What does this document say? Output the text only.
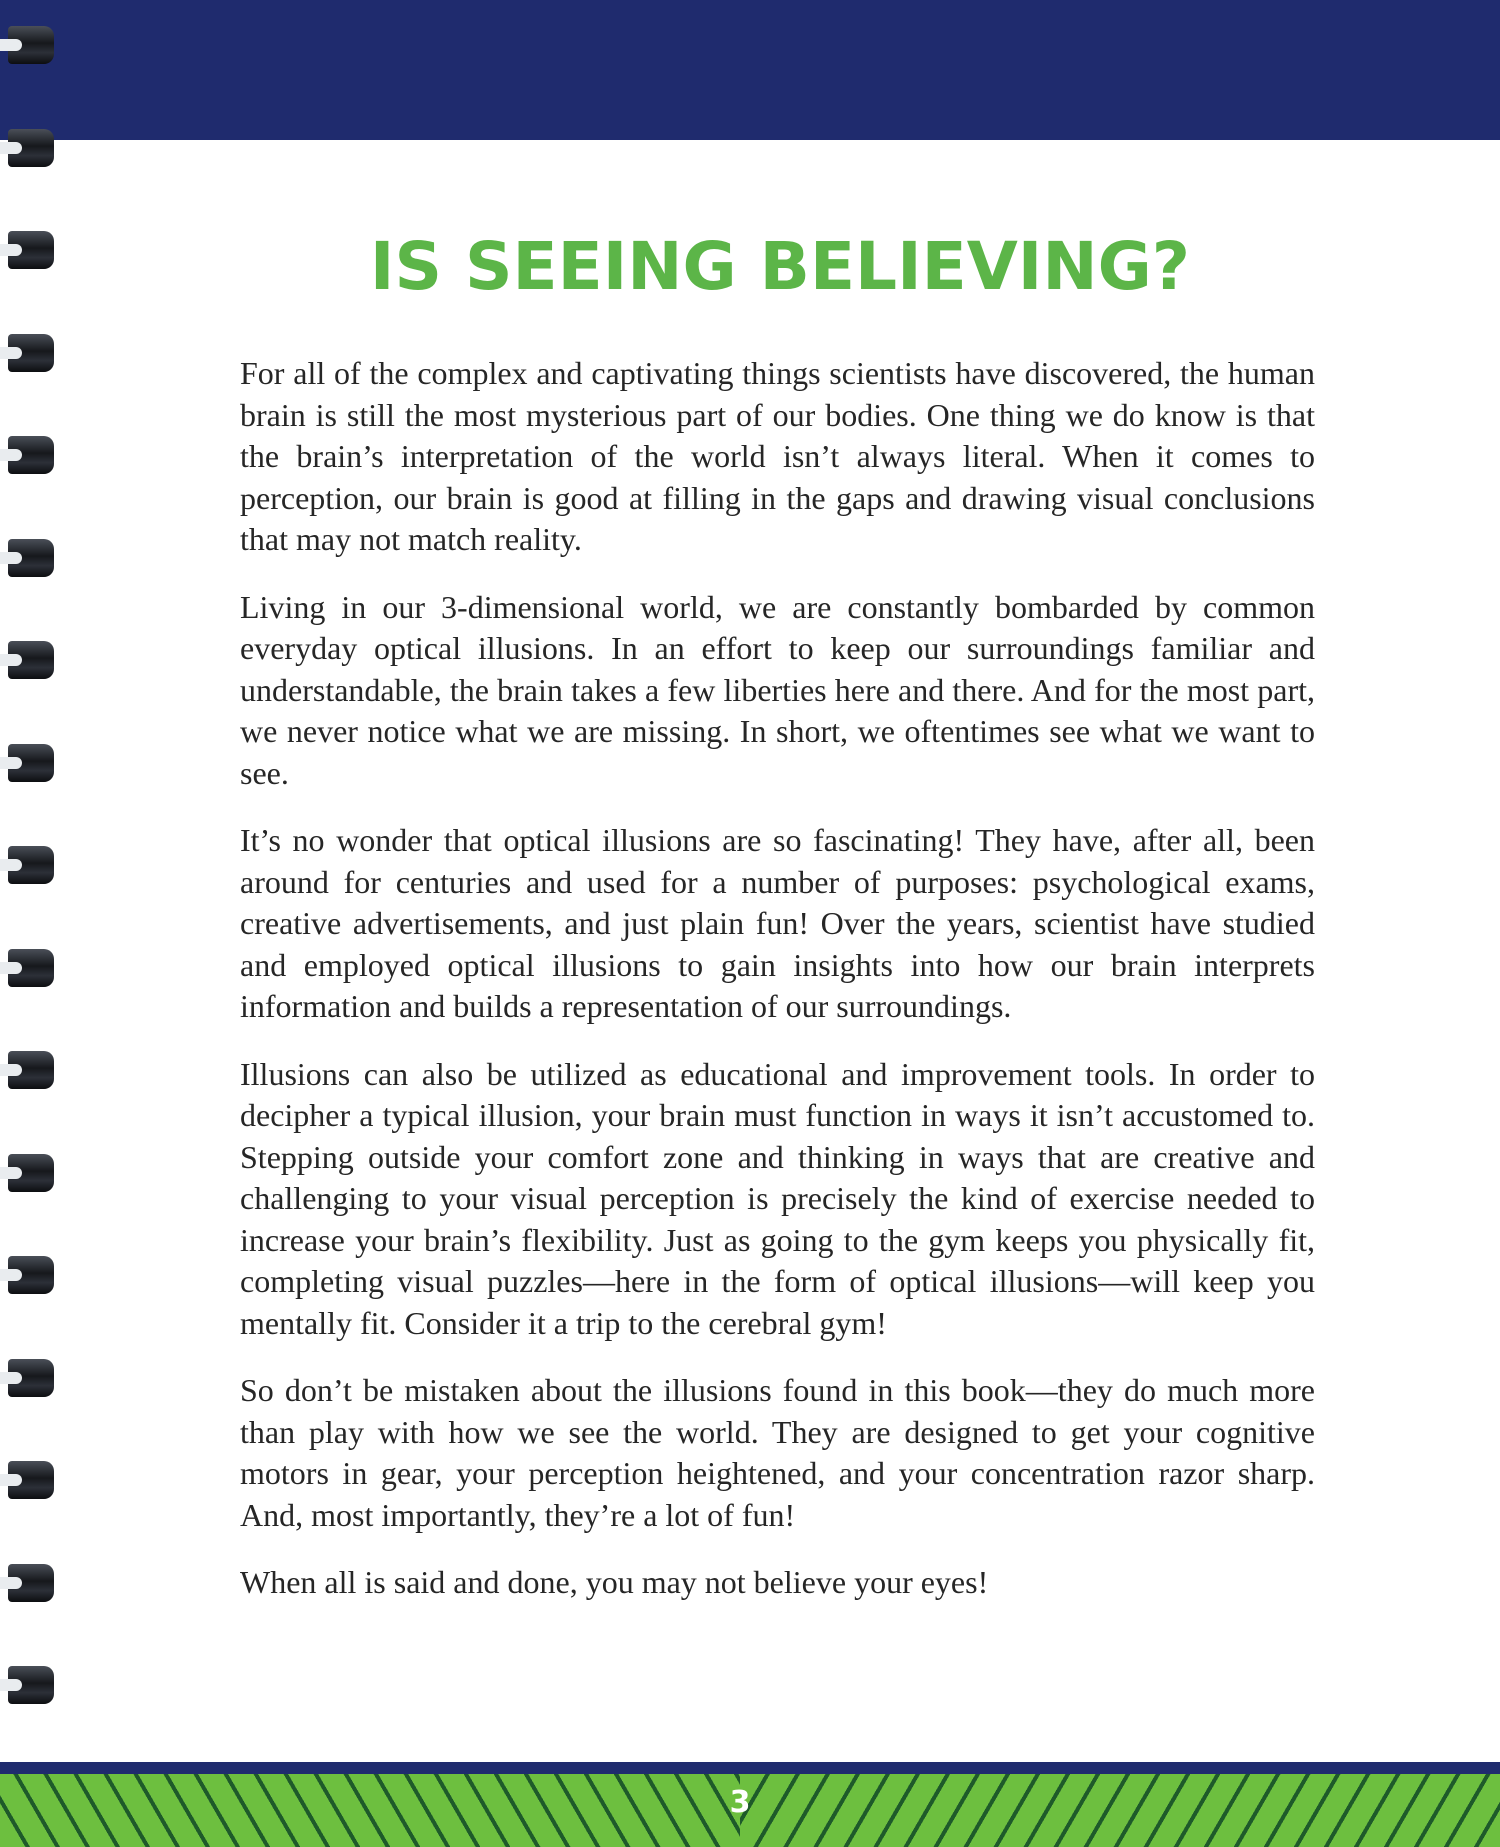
IS SEEING BELIEVING?

For all of the complex and captivating things scientists have discovered, the human brain is still the most mysterious part of our bodies. One thing we do know is that the brain’s interpretation of the world isn’t always literal. When it comes to perception, our brain is good at filling in the gaps and drawing visual conclusions that may not match reality.

Living in our 3-dimensional world, we are constantly bombarded by common everyday optical illusions. In an effort to keep our surroundings familiar and understandable, the brain takes a few liberties here and there. And for the most part, we never notice what we are missing. In short, we oftentimes see what we want to see.

It’s no wonder that optical illusions are so fascinating! They have, after all, been around for centuries and used for a number of purposes: psychological exams, creative advertisements, and just plain fun! Over the years, scientist have studied and employed optical illusions to gain insights into how our brain interprets information and builds a representation of our surroundings.

Illusions can also be utilized as educational and improvement tools. In order to decipher a typical illusion, your brain must function in ways it isn’t accustomed to. Stepping outside your comfort zone and thinking in ways that are creative and challenging to your visual perception is precisely the kind of exercise needed to increase your brain’s flexibility. Just as going to the gym keeps you physically fit, completing visual puzzles—here in the form of optical illusions—will keep you mentally fit. Consider it a trip to the cerebral gym!

So don’t be mistaken about the illusions found in this book—they do much more than play with how we see the world. They are designed to get your cognitive motors in gear, your perception heightened, and your concentration razor sharp. And, most importantly, they’re a lot of fun!

When all is said and done, you may not believe your eyes!

3
